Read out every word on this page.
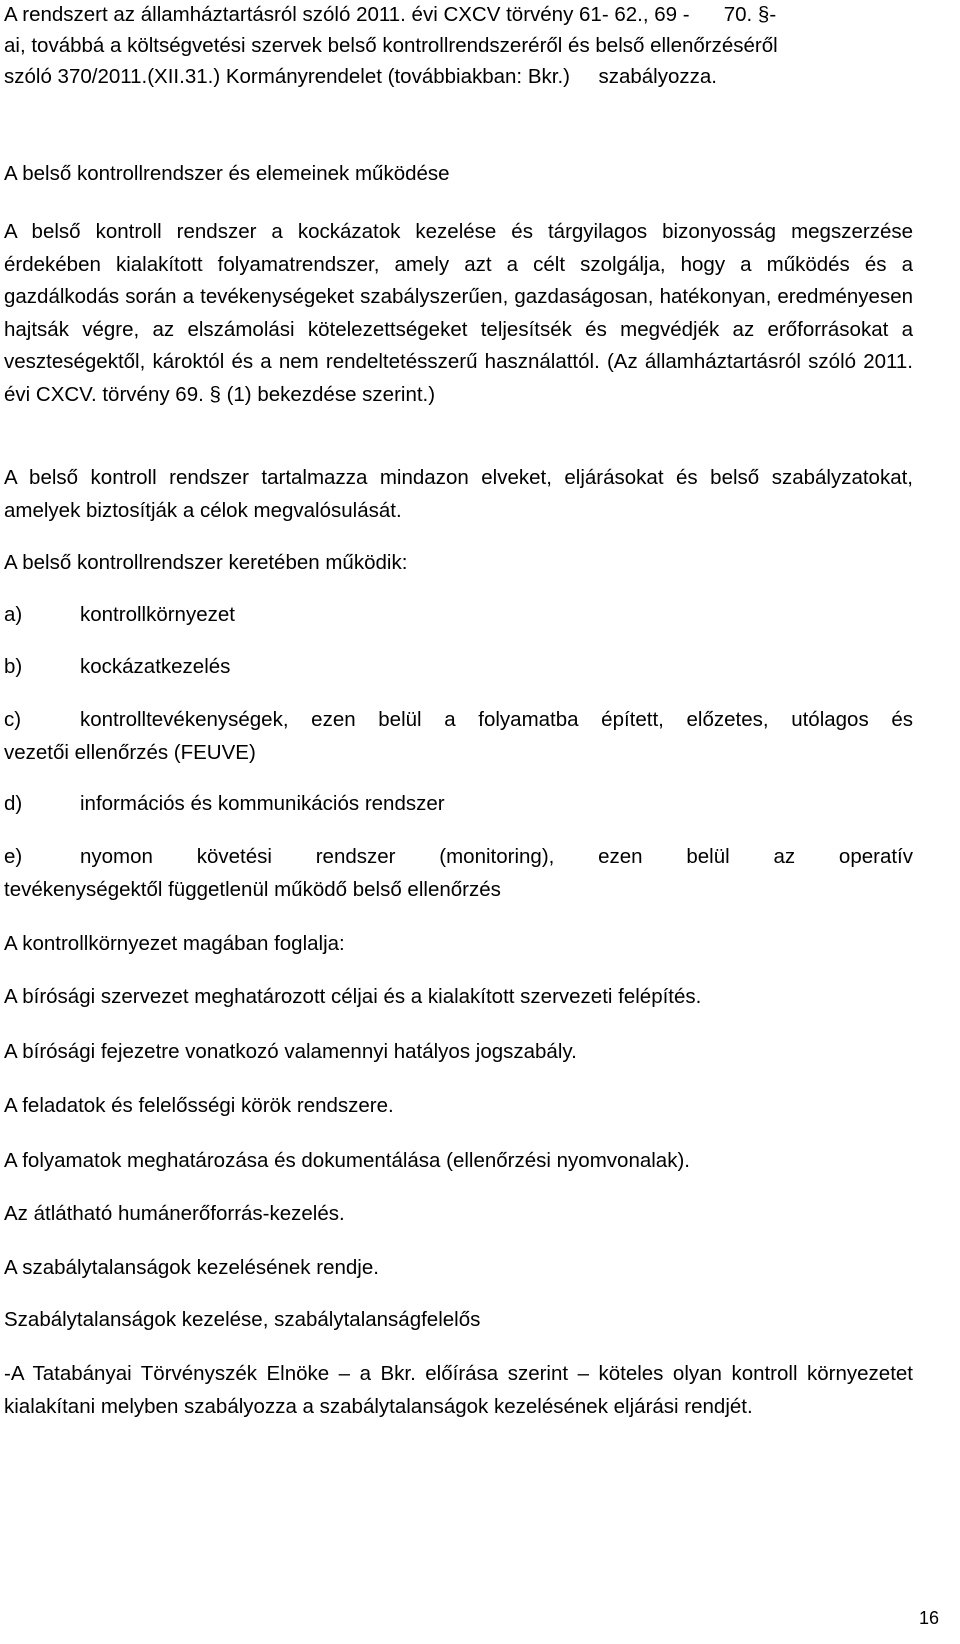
A rendszert az államháztartásról szóló 2011. évi CXCV törvény 61- 62., 69 -      70. §-
ai, továbbá a költségvetési szervek belső kontrollrendszeréről és belső ellenőrzéséről
szóló 370/2011.(XII.31.) Kormányrendelet (továbbiakban: Bkr.)     szabályozza.
A belső kontrollrendszer és elemeinek működése
A belső kontroll rendszer a kockázatok kezelése és tárgyilagos bizonyosság megszerzése érdekében kialakított folyamatrendszer, amely azt a célt szolgálja, hogy a működés és a gazdálkodás során a tevékenységeket szabályszerűen, gazdaságosan, hatékonyan, eredményesen hajtsák végre, az elszámolási kötelezettségeket teljesítsék és megvédjék az erőforrásokat a veszteségektől, károktól és a nem rendeltetésszerű használattól. (Az államháztartásról szóló 2011. évi CXCV. törvény 69. § (1) bekezdése szerint.)
A belső kontroll rendszer tartalmazza mindazon elveket, eljárásokat és belső szabályzatokat, amelyek biztosítják a célok megvalósulását.
A belső kontrollrendszer keretében működik:
a)	kontrollkörnyezet
b)	kockázatkezelés
c)	kontrolltevékenységek, ezen belül a folyamatba épített, előzetes, utólagos és
vezetői ellenőrzés (FEUVE)
d)	információs és kommunikációs rendszer
e)	nyomon követési rendszer (monitoring), ezen belül az operatív
tevékenységektől függetlenül működő belső ellenőrzés
A kontrollkörnyezet magában foglalja:
A bírósági szervezet meghatározott céljai és a kialakított szervezeti felépítés.
A bírósági fejezetre vonatkozó valamennyi hatályos jogszabály.
A feladatok és felelősségi körök rendszere.
A folyamatok meghatározása és dokumentálása (ellenőrzési nyomvonalak).
Az átlátható humánerőforrás-kezelés.
A szabálytalanságok kezelésének rendje.
Szabálytalanságok kezelése, szabálytalanságfelelős
-A Tatabányai Törvényszék Elnöke – a Bkr. előírása szerint – köteles olyan kontroll környezetet kialakítani melyben szabályozza a szabálytalanságok kezelésének eljárási rendjét.
16
